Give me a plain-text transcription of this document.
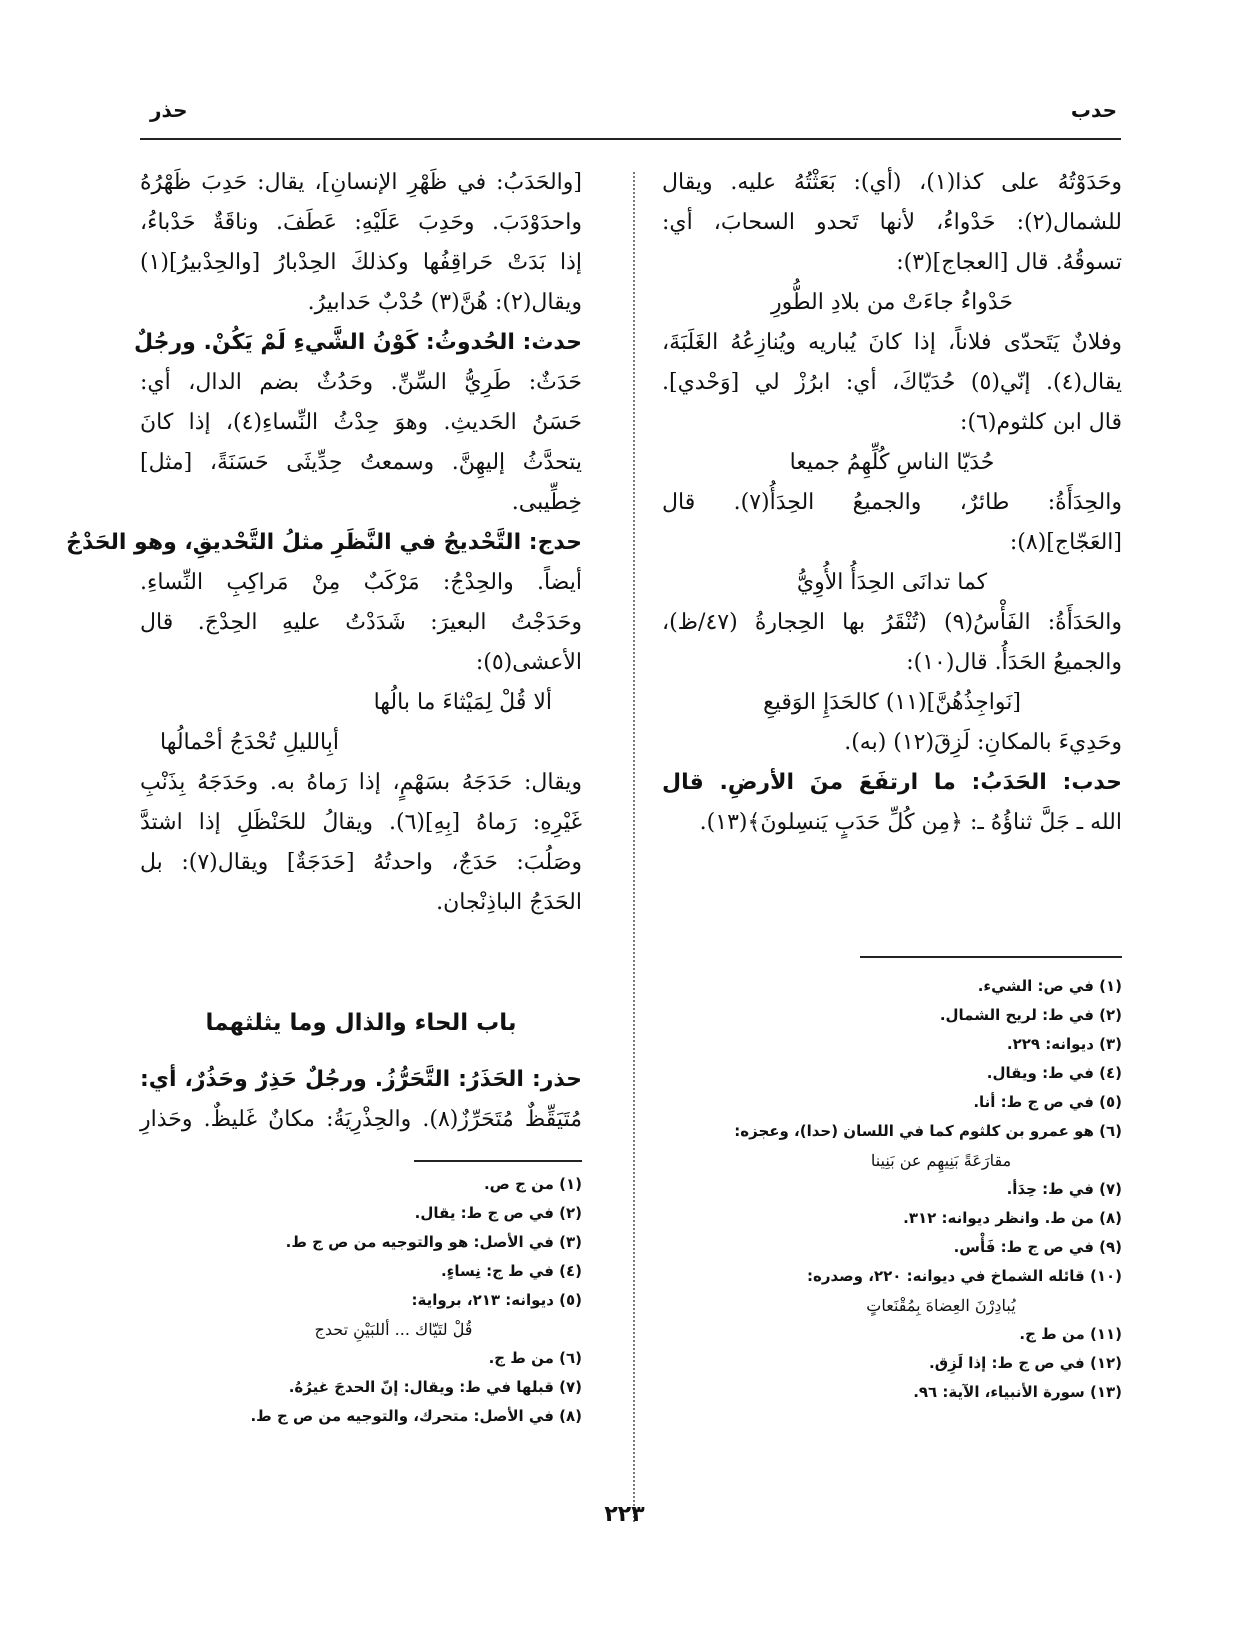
حذر	حدب
وحَدَوْتُهُ على كذا(١)، (أي): بَعَثْتُهُ عليه. ويقال
للشمال(٢): حَدْواءُ، لأنها تَحدو السحابَ، أي:
تسوقُهُ. قال [العجاج](٣):
حَدْواءُ جاءَتْ من بلادِ الطُّورِ
وفلانٌ يَتَحدّى فلاناً، إذا كانَ يُباريه ويُنازِعُهُ الغَلَبَةَ،
يقال(٤). إنّي(٥) حُدَيّاكَ، أي: ابرُزْ لي [وَحْدي].
قال ابن كلثوم(٦):
حُدَيّا الناسِ كُلِّهِمُ جميعا
والحِدَأَةُ: طائرٌ، والجميعُ الحِدَأُ(٧). قال
[العَجّاج](٨):
كما تدانَى الحِدَأُ الأُوِيُّ
والحَدَأَةُ: الفَأْسُ(٩) (تُنْقَرُ بها الحِجارةُ (٤٧/ظ)،
والجميعُ الحَدَأُ. قال(١٠):
[نَواجِذُهُنَّ](١١) كالحَدَإِ الوَقيعِ
وحَدِيءَ بالمكانِ: لَزِقَ(١٢) (به).
حدب: الحَدَبُ: ما ارتفَعَ منَ الأرضِ. قال
الله ـ جَلَّ ثناؤُهُ ـ: ﴿مِن كُلِّ حَدَبٍ يَنسِلونَ﴾(١٣).
[والحَدَبُ: في ظَهْرِ الإنسانِ]، يقال: حَدِبَ ظَهْرُهُ
واحدَوْدَبَ. وحَدِبَ عَلَيْهِ: عَطَفَ. وناقَةٌ حَدْباءُ،
إذا بَدَتْ حَراقِفُها وكذلكَ الحِدْبارُ [والحِدْبيرُ](١)
ويقال(٢): هُنَّ(٣) حُدْبٌ حَدابيرُ.
حدث: الحُدوثُ: كَوْنُ الشَّيءِ لَمْ يَكُنْ. ورجُلٌ
حَدَثٌ: طَرِيُّ السِّنِّ. وحَدُثٌ بضم الدال، أي:
حَسَنُ الحَديثِ. وهوَ حِدْثُ النِّساءِ(٤)، إذا كانَ
يتحدَّثُ إليهِنَّ. وسمعتُ حِدِّيثَى حَسَنَةً، [مثل]
خِطِّيبى.
حدج: التَّحْديجُ في النَّظَرِ مثلُ التَّحْديقِ، وهو الحَدْجُ
أيضاً. والحِدْجُ: مَرْكَبٌ مِنْ مَراكِبِ النِّساءِ.
وحَدَجْتُ البعيرَ: شَدَدْتُ عليهِ الحِدْجَ. قال
الأعشى(٥):
ألا قُلْ لِمَيْثاءَ ما بالُها
أبِالليلِ تُحْدَجُ أحْمالُها
ويقال: حَدَجَهُ بسَهْمٍ، إذا رَماهُ به. وحَدَجَهُ بِذَنْبِ
غَيْرِهِ: رَماهُ [بِهِ](٦). ويقالُ للحَنْظَلِ إذا اشتدَّ
وصَلُبَ: حَدَجٌ، واحدتُهُ [حَدَجَةٌ] ويقال(٧): بل
الحَدَجُ الباذِنْجان.
باب الحاء والذال وما يثلثهما
حذر: الحَذَرُ: التَّحَرُّزُ. ورجُلٌ حَذِرٌ وحَذُرٌ، أي:
مُتَيَقِّظٌ مُتَحَرِّزٌ(٨). والحِذْرِيَةُ: مكانٌ غَليظٌ. وحَذارِ
(١) في ص: الشيء.
(٢) في ط: لريح الشمال.
(٣) ديوانه: ٢٢٩.
(٤) في ط: ويقال.
(٥) في ص ج ط: أنا.
(٦) هو عمرو بن كلثوم كما في اللسان (حدا)، وعجزه:
مقارَعَةً بَنِيهِم عن بَنِينا
(٧) في ط: حِدَأ.
(٨) من ط. وانظر ديوانه: ٣١٢.
(٩) في ص ج ط: فَأْس.
(١٠) قائله الشماخ في ديوانه: ٢٢٠، وصدره:
يُبادِرْنَ العِضاهَ بِمُقْنَعاتٍ
(١١) من ط ج.
(١٢) في ص ج ط: إذا لَزِق.
(١٣) سورة الأنبياء، الآية: ٩٦.
(١) من ج ص.
(٢) في ص ج ط: يقال.
(٣) في الأصل: هو والتوجيه من ص ج ط.
(٤) في ط ج: نِساءٍ.
(٥) ديوانه: ٢١٣، برواية:
قُلْ لتَيّاك ... أللبَيْنِ تحدج
(٦) من ط ج.
(٧) قبلها في ط: ويقال: إنّ الحدجَ غيرُهُ.
(٨) في الأصل: متحرك، والتوجيه من ص ج ط.
٢٢٣
